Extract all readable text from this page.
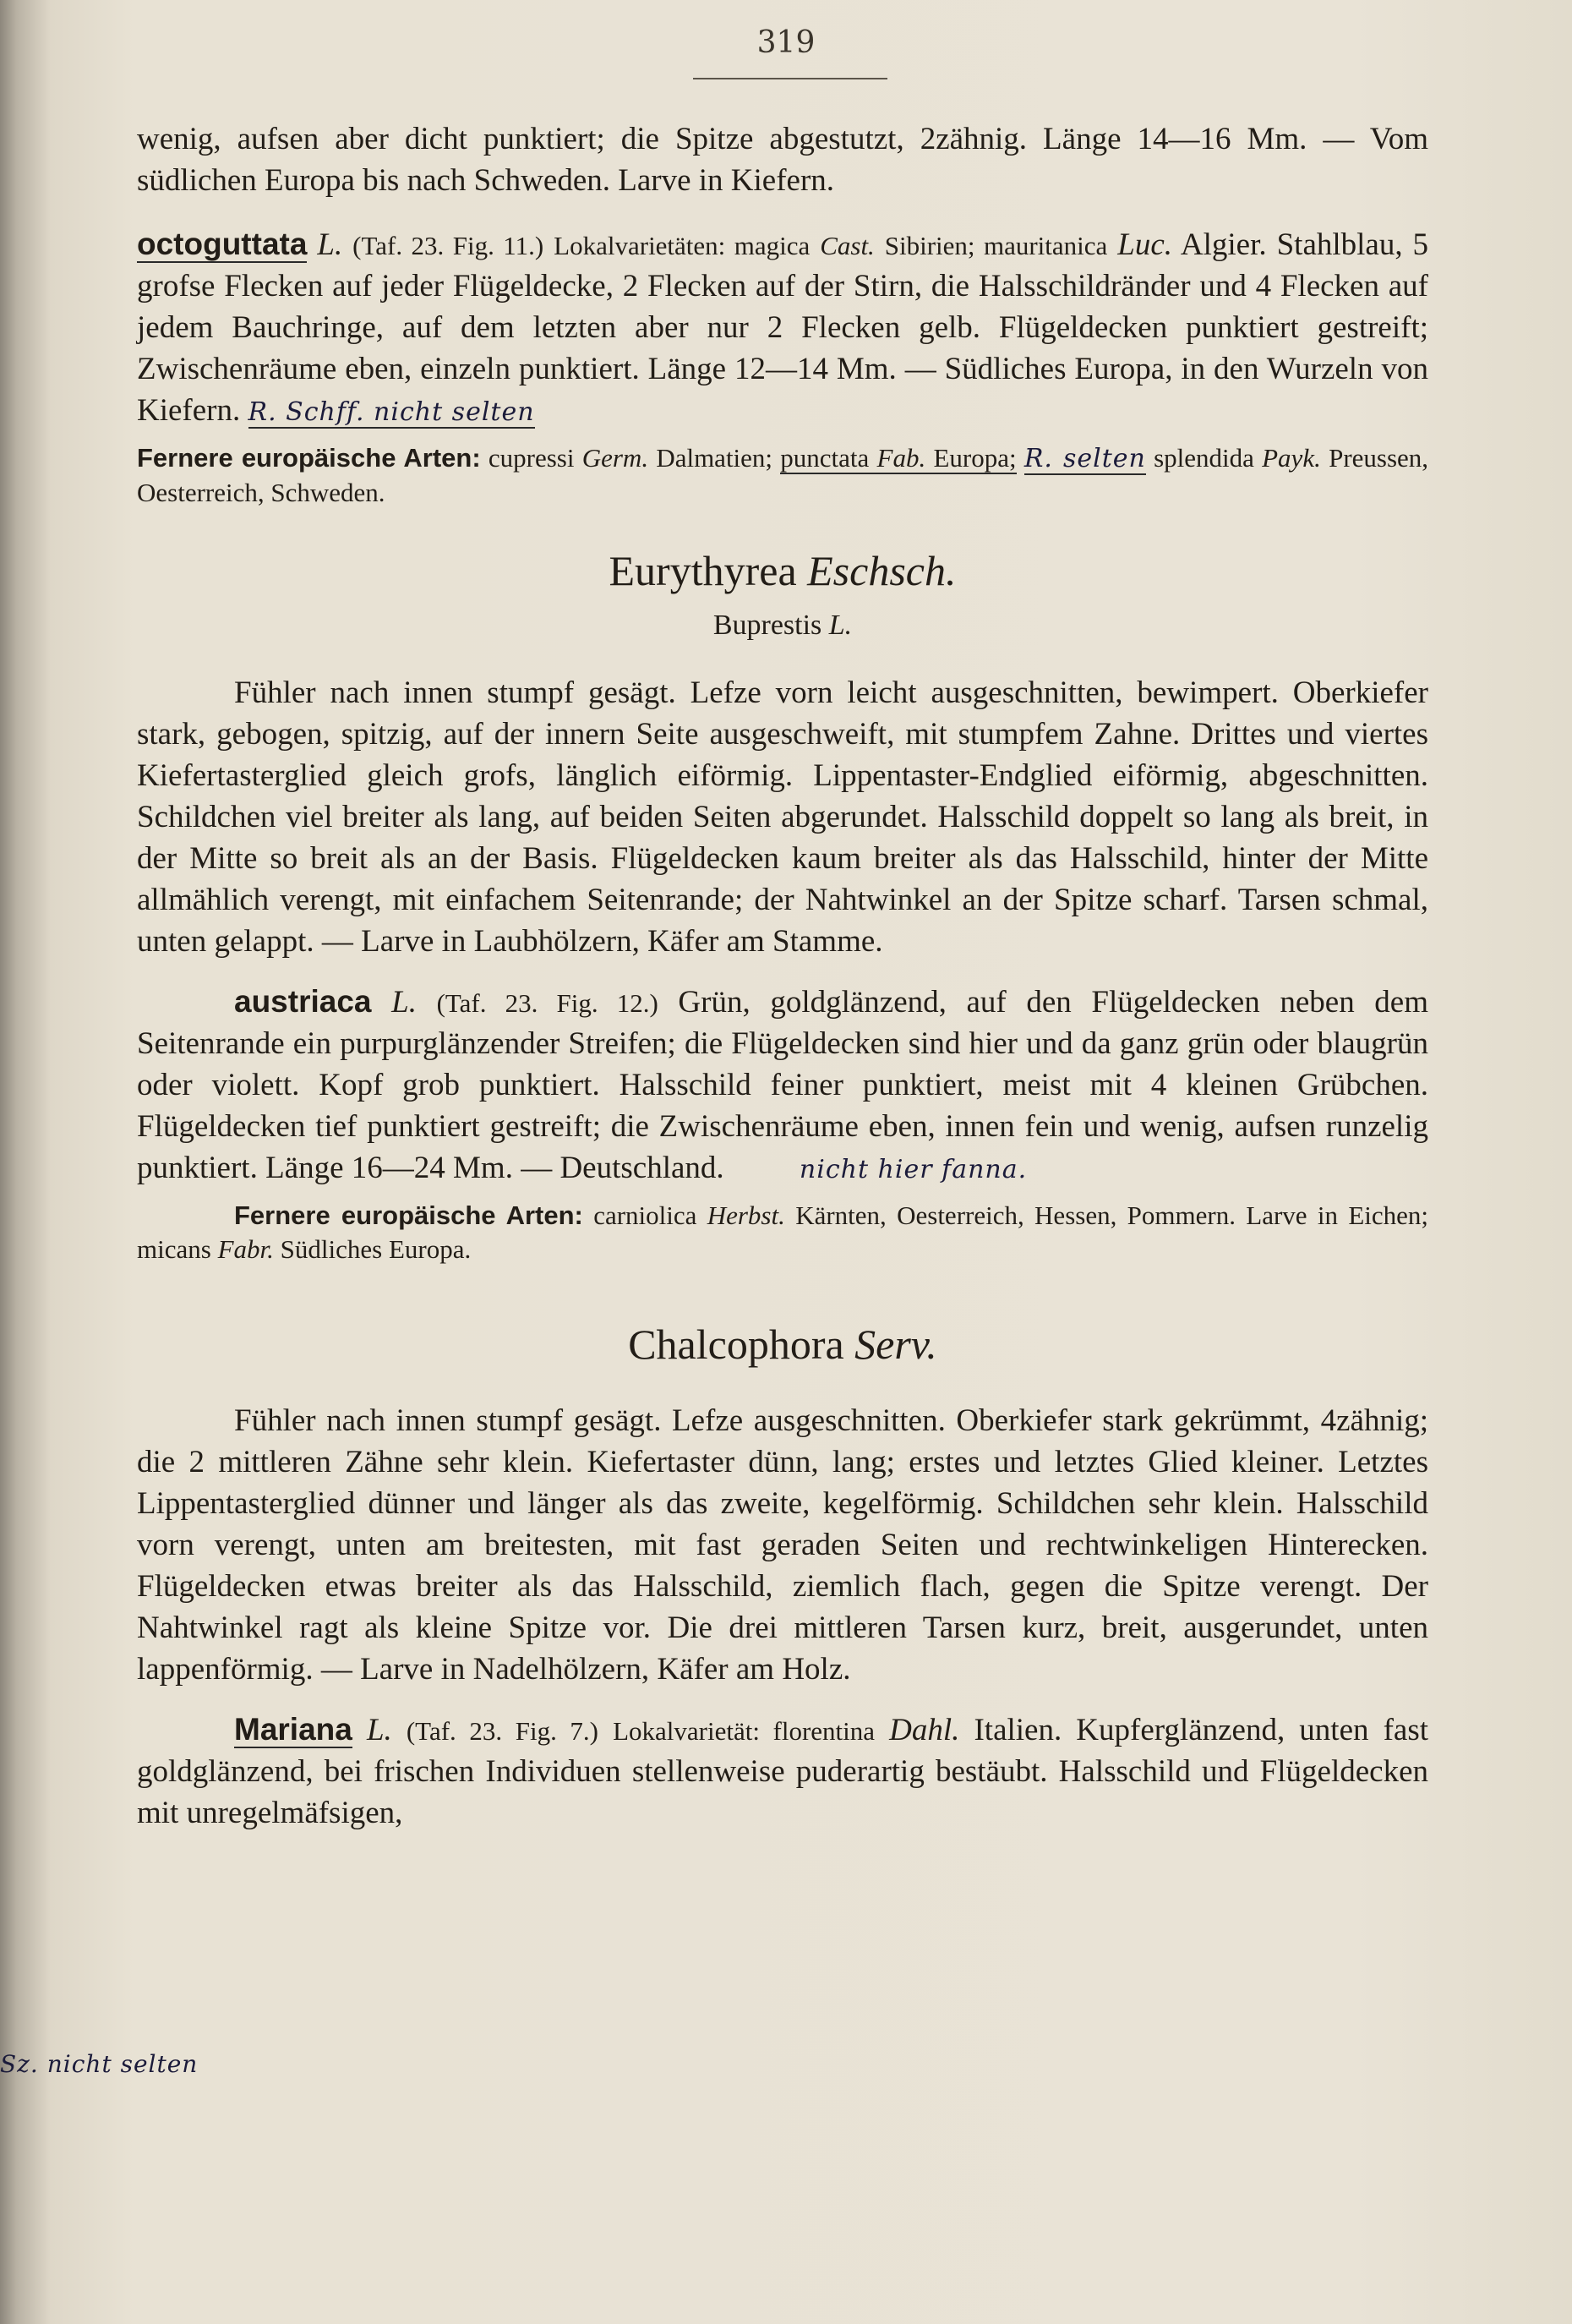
319

wenig, aufsen aber dicht punktiert; die Spitze abgestutzt, 2zähnig. Länge 14—16 Mm. — Vom südlichen Europa bis nach Schweden. Larve in Kiefern.

octoguttata L. (Taf. 23. Fig. 11.) Lokalvarietäten: magica Cast. Sibirien; mauritanica Luc. Algier. Stahlblau, 5 grofse Flecken auf jeder Flügeldecke, 2 Flecken auf der Stirn, die Halsschildränder und 4 Flecken auf jedem Bauchringe, auf dem letzten aber nur 2 Flecken gelb. Flügeldecken punktiert gestreift; Zwischenräume eben, einzeln punktiert. Länge 12—14 Mm. — Südliches Europa, in den Wurzeln von Kiefern. R. Schff. nicht selten

Fernere europäische Arten: cupressi Germ. Dalmatien; punctata Fab. Europa; R. selten splendida Payk. Preussen, Oesterreich, Schweden.

Eurythyrea Eschsch.
Buprestis L.

Fühler nach innen stumpf gesägt. Lefze vorn leicht ausgeschnitten, bewimpert. Oberkiefer stark, gebogen, spitzig, auf der innern Seite ausgeschweift, mit stumpfem Zahne. Drittes und viertes Kiefertasterglied gleich grofs, länglich eiförmig. Lippentaster-Endglied eiförmig, abgeschnitten. Schildchen viel breiter als lang, auf beiden Seiten abgerundet. Halsschild doppelt so lang als breit, in der Mitte so breit als an der Basis. Flügeldecken kaum breiter als das Halsschild, hinter der Mitte allmählich verengt, mit einfachem Seitenrande; der Nahtwinkel an der Spitze scharf. Tarsen schmal, unten gelappt. — Larve in Laubhölzern, Käfer am Stamme.

austriaca L. (Taf. 23. Fig. 12.) Grün, goldglänzend, auf den Flügeldecken neben dem Seitenrande ein purpurglänzender Streifen; die Flügeldecken sind hier und da ganz grün oder blaugrün oder violett. Kopf grob punktiert. Halsschild feiner punktiert, meist mit 4 kleinen Grübchen. Flügeldecken tief punktiert gestreift; die Zwischenräume eben, innen fein und wenig, aufsen runzelig punktiert. Länge 16—24 Mm. — Deutschland.	nicht hier fanna.

Fernere europäische Arten: carniolica Herbst. Kärnten, Oesterreich, Hessen, Pommern. Larve in Eichen; micans Fabr. Südliches Europa.

Chalcophora Serv.

Fühler nach innen stumpf gesägt. Lefze ausgeschnitten. Oberkiefer stark gekrümmt, 4zähnig; die 2 mittleren Zähne sehr klein. Kiefertaster dünn, lang; erstes und letztes Glied kleiner. Letztes Lippentasterglied dünner und länger als das zweite, kegelförmig. Schildchen sehr klein. Halsschild vorn verengt, unten am breitesten, mit fast geraden Seiten und rechtwinkeligen Hinterecken. Flügeldecken etwas breiter als das Halsschild, ziemlich flach, gegen die Spitze verengt. Der Nahtwinkel ragt als kleine Spitze vor. Die drei mittleren Tarsen kurz, breit, ausgerundet, unten lappenförmig. — Larve in Nadelhölzern, Käfer am Holz.

Mariana L. (Taf. 23. Fig. 7.) Lokalvarietät: florentina Dahl. Italien. Kupferglänzend, unten fast goldglänzend, bei frischen Individuen stellenweise puderartig bestäubt. Halsschild und Flügeldecken mit unregelmäfsigen,

Sz. nicht selten
